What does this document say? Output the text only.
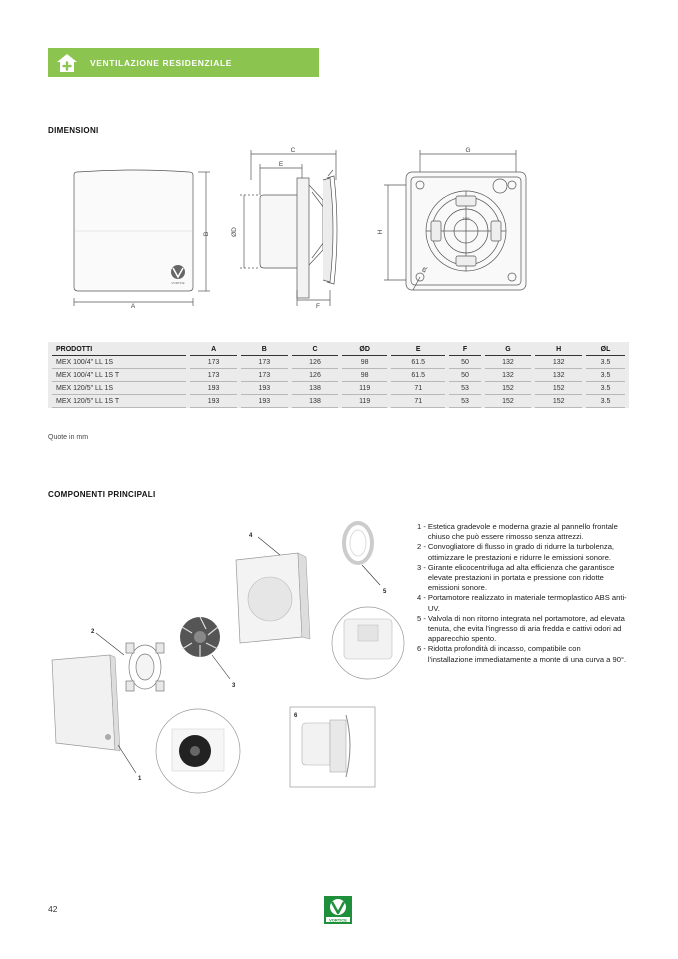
VENTILAZIONE RESIDENZIALE
DIMENSIONI
VORTICE
A
B
C
E
ØD
F
G
H
ØL
TOP
PRODOTTI	A	B	C	ØD	E	F	G	H	ØL
MEX 100/4" LL 1S	173	173	126	98	61.5	50	132	132	3.5
MEX 100/4" LL 1S T	173	173	126	98	61.5	50	132	132	3.5
MEX 120/5" LL 1S	193	193	138	119	71	53	152	152	3.5
MEX 120/5" LL 1S T	193	193	138	119	71	53	152	152	3.5
Quote in mm
COMPONENTI PRINCIPALI
1
2
3
4
5
6
1 - Estetica gradevole e moderna grazie al pannello frontale chiuso che può essere rimosso senza attrezzi.
2 - Convogliatore di flusso in grado di ridurre la turbolenza, ottimizzare le prestazioni e ridurre le emissioni sonore.
3 - Girante elicocentrifuga ad alta efficienza che garantisce elevate prestazioni in portata e pressione con ridotte emissioni sonore.
4 - Portamotore realizzato in materiale termoplastico ABS anti-UV.
5 - Valvola di non ritorno integrata nel portamotore, ad elevata tenuta, che evita l'ingresso di aria fredda e cattivi odori ad apparecchio spento.
6 - Ridotta profondità di incasso, compatibile con l'installazione immediatamente a monte di una curva a 90°.
42
VORTICE
